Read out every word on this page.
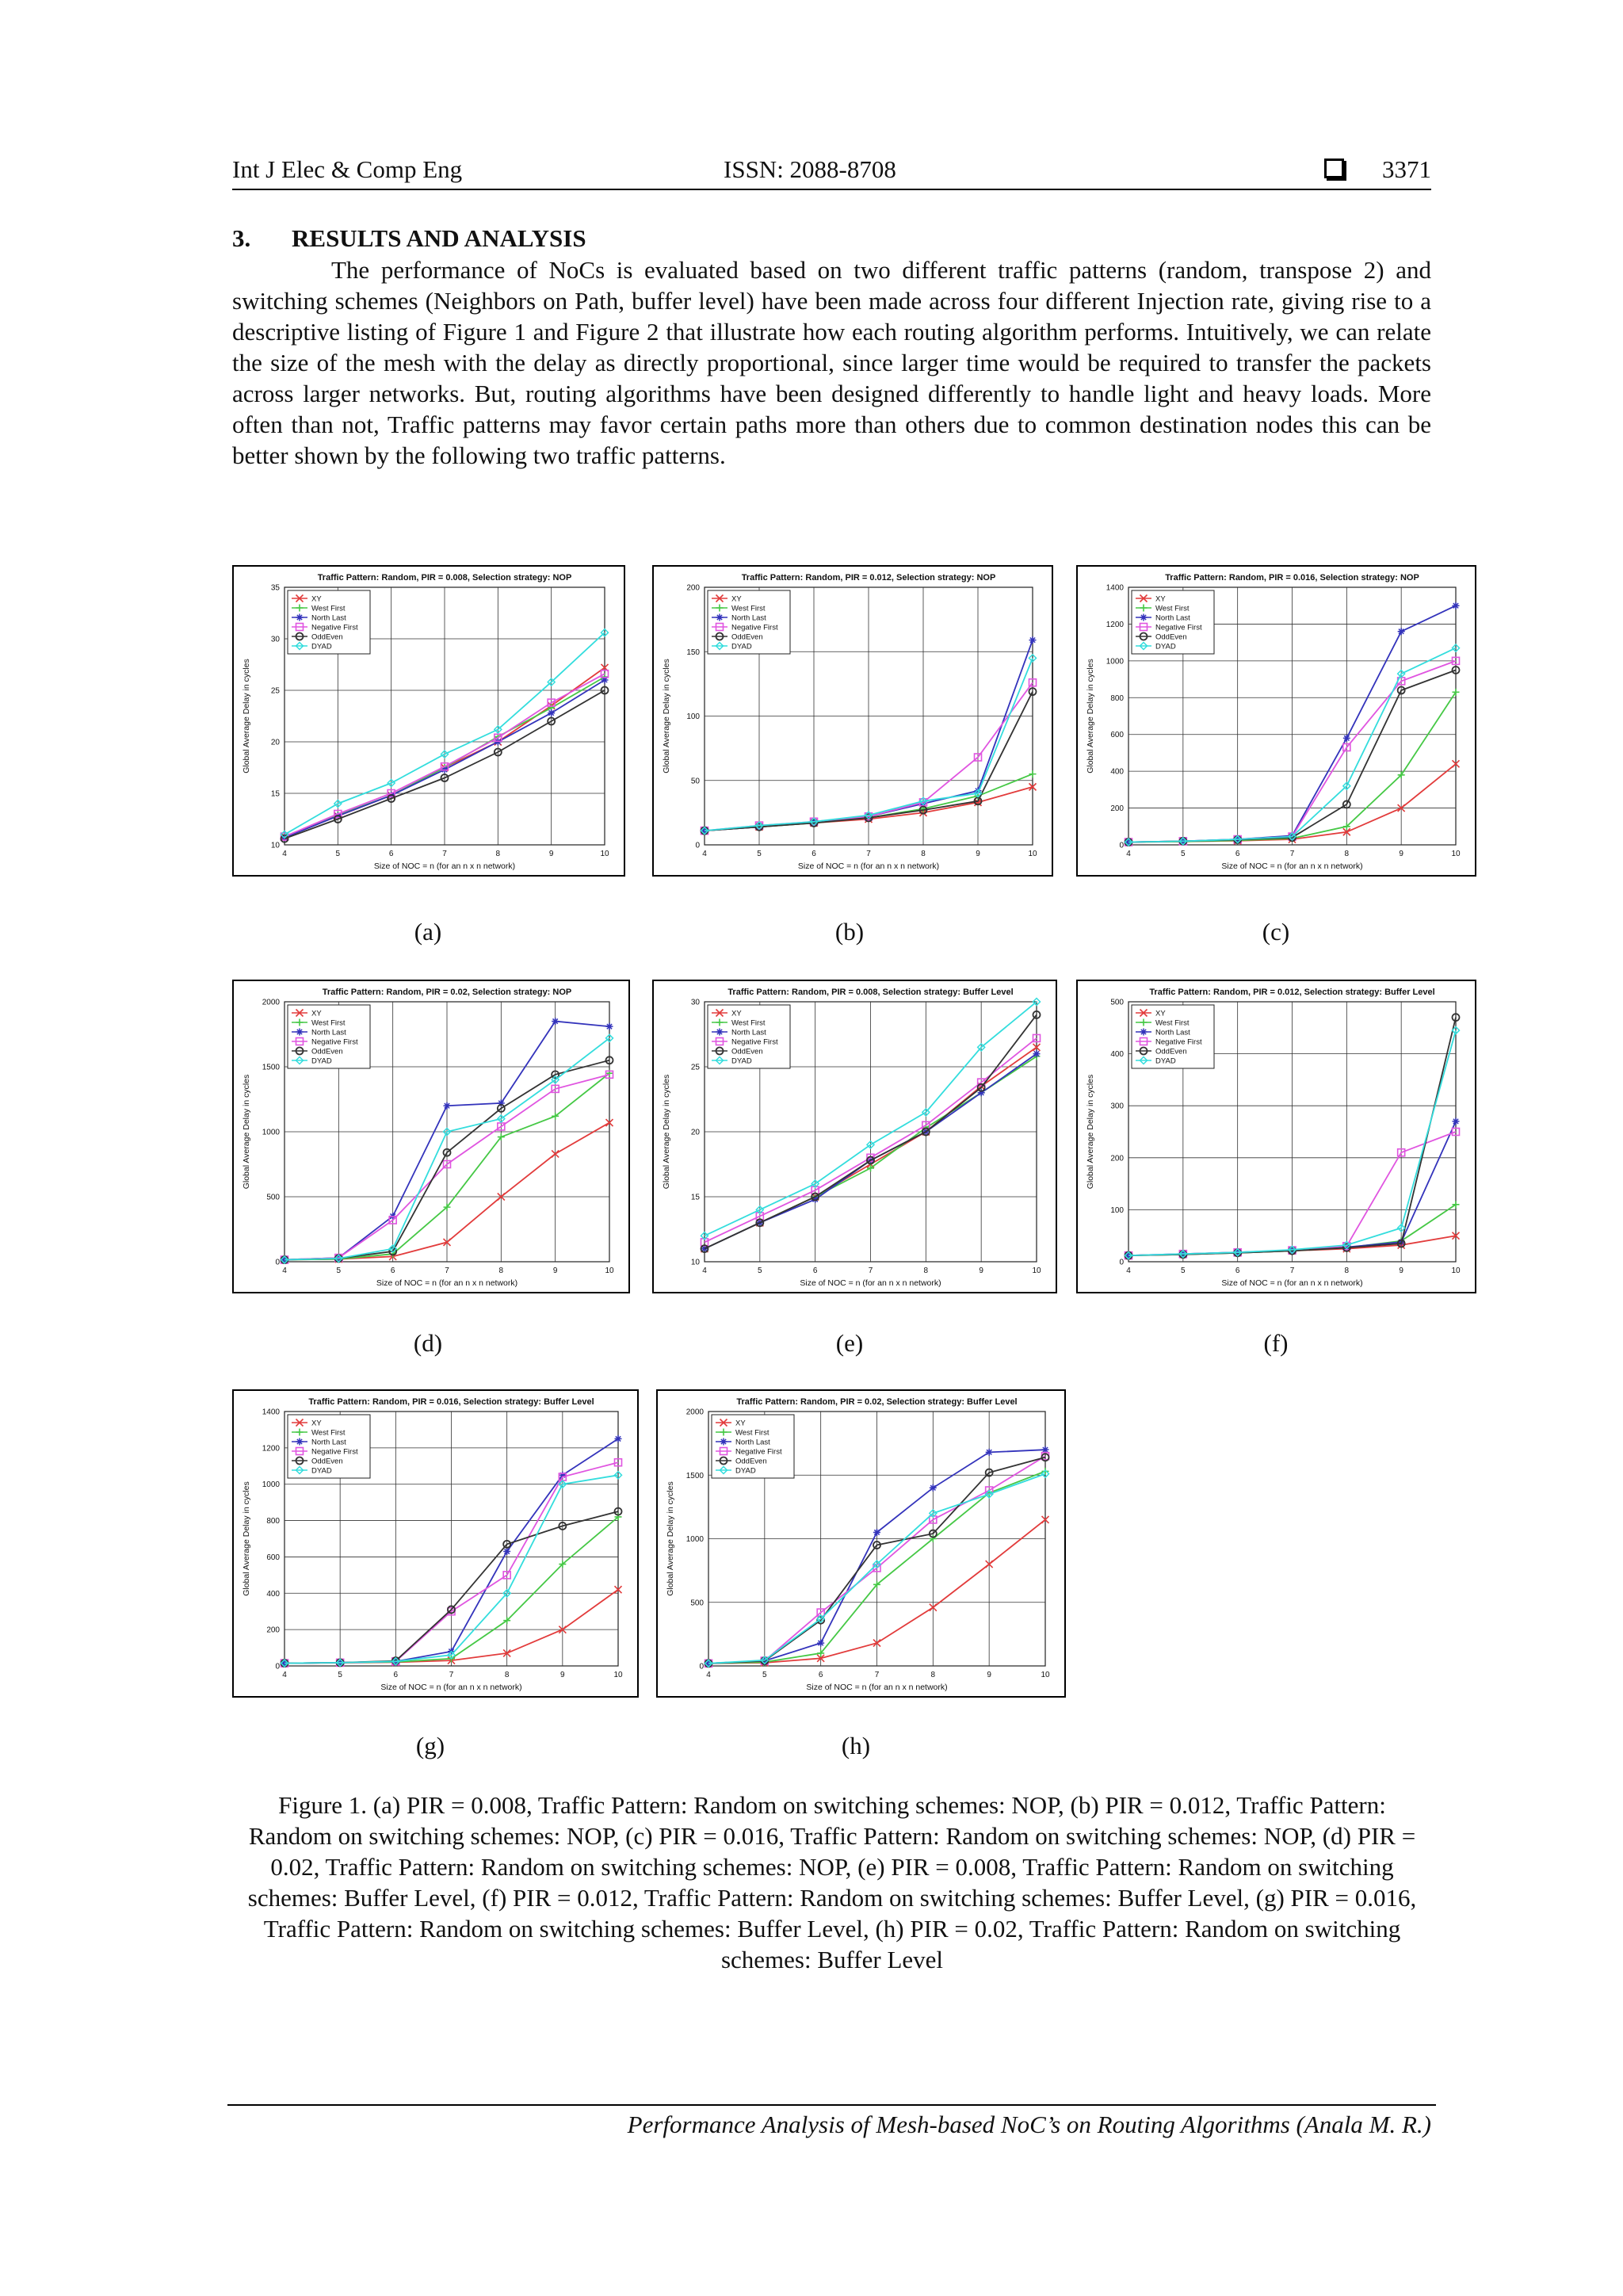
Int J Elec & Comp Eng	ISSN: 2088-8708	3371
3. RESULTS AND ANALYSIS

The performance of NoCs is evaluated based on two different traffic patterns (random, transpose 2) and switching schemes (Neighbors on Path, buffer level) have been made across four different Injection rate, giving rise to a descriptive listing of Figure 1 and Figure 2 that illustrate how each routing algorithm performs. Intuitively, we can relate the size of the mesh with the delay as directly proportional, since larger time would be required to transfer the packets across larger networks. But, routing algorithms have been designed differently to handle light and heavy loads. More often than not, Traffic patterns may favor certain paths more than others due to common destination nodes this can be better shown by the following two traffic patterns.

Traffic Pattern: Random, PIR = 0.008, Selection strategy: NOP
4	5	6	7	8	9	10
10
15
20
25
30
35
Size of NOC = n (for an n x n network)
Global Average Delay in cycles
XY
West First
North Last
Negative First
OddEven
DYAD
Traffic Pattern: Random, PIR = 0.012, Selection strategy: NOP
4	5	6	7	8	9	10
0
50
100
150
200
Size of NOC = n (for an n x n network)
Global Average Delay in cycles
XY
West First
North Last
Negative First
OddEven
DYAD
Traffic Pattern: Random, PIR = 0.016, Selection strategy: NOP
4	5	6	7	8	9	10
0
200
400
600
800
1000
1200
1400
Size of NOC = n (for an n x n network)
Global Average Delay in cycles
XY
West First
North Last
Negative First
OddEven
DYAD
Traffic Pattern: Random, PIR = 0.02, Selection strategy: NOP
4	5	6	7	8	9	10
0
500
1000
1500
2000
Size of NOC = n (for an n x n network)
Global Average Delay in cycles
XY
West First
North Last
Negative First
OddEven
DYAD
Traffic Pattern: Random, PIR = 0.008, Selection strategy: Buffer Level
4	5	6	7	8	9	10
10
15
20
25
30
Size of NOC = n (for an n x n network)
Global Average Delay in cycles
XY
West First
North Last
Negative First
OddEven
DYAD
Traffic Pattern: Random, PIR = 0.012, Selection strategy: Buffer Level
4	5	6	7	8	9	10
0
100
200
300
400
500
Size of NOC = n (for an n x n network)
Global Average Delay in cycles
XY
West First
North Last
Negative First
OddEven
DYAD
Traffic Pattern: Random, PIR = 0.016, Selection strategy: Buffer Level
4	5	6	7	8	9	10
0
200
400
600
800
1000
1200
1400
Size of NOC = n (for an n x n network)
Global Average Delay in cycles
XY
West First
North Last
Negative First
OddEven
DYAD
Traffic Pattern: Random, PIR = 0.02, Selection strategy: Buffer Level
4	5	6	7	8	9	10
0
500
1000
1500
2000
Size of NOC = n (for an n x n network)
Global Average Delay in cycles
XY
West First
North Last
Negative First
OddEven
DYAD
(a)	(b)	(c)
(d)	(e)	(f)
(g)	(h)
Figure 1. (a) PIR = 0.008, Traffic Pattern: Random on switching schemes: NOP, (b) PIR = 0.012, Traffic Pattern: Random on switching schemes: NOP, (c) PIR = 0.016, Traffic Pattern: Random on switching schemes: NOP, (d) PIR = 0.02, Traffic Pattern: Random on switching schemes: NOP, (e) PIR = 0.008, Traffic Pattern: Random on switching schemes: Buffer Level, (f) PIR = 0.012, Traffic Pattern: Random on switching schemes: Buffer Level, (g) PIR = 0.016, Traffic Pattern: Random on switching schemes: Buffer Level, (h) PIR = 0.02, Traffic Pattern: Random on switching schemes: Buffer Level
Performance Analysis of Mesh-based NoC’s on Routing Algorithms (Anala M. R.)
